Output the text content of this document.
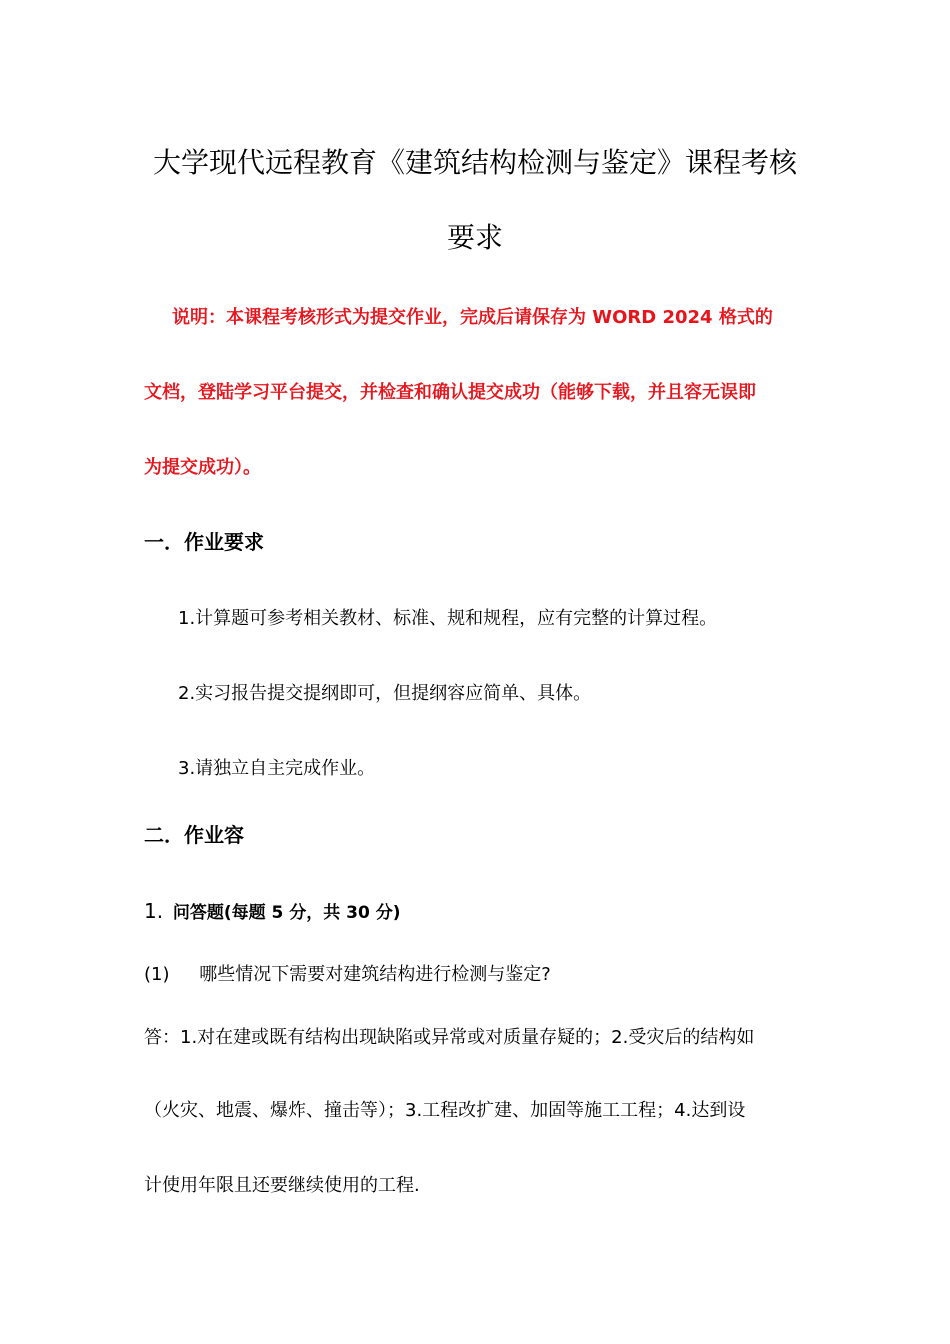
大学现代远程教育《建筑结构检测与鉴定》课程考核
要求
说明：本课程考核形式为提交作业，完成后请保存为 WORD 2024 格式的
文档，登陆学习平台提交，并检查和确认提交成功（能够下载，并且容无误即
为提交成功）。
一．作业要求
1.计算题可参考相关教材、标准、规和规程，应有完整的计算过程。
2.实习报告提交提纲即可，但提纲容应简单、具体。
3.请独立自主完成作业。
二．作业容
1. 问答题(每题 5 分，共 30 分)
(1) 哪些情况下需要对建筑结构进行检测与鉴定?
答：1.对在建或既有结构出现缺陷或异常或对质量存疑的；2.受灾后的结构如
（火灾、地震、爆炸、撞击等）；3.工程改扩建、加固等施工工程；4.达到设
计使用年限且还要继续使用的工程.
